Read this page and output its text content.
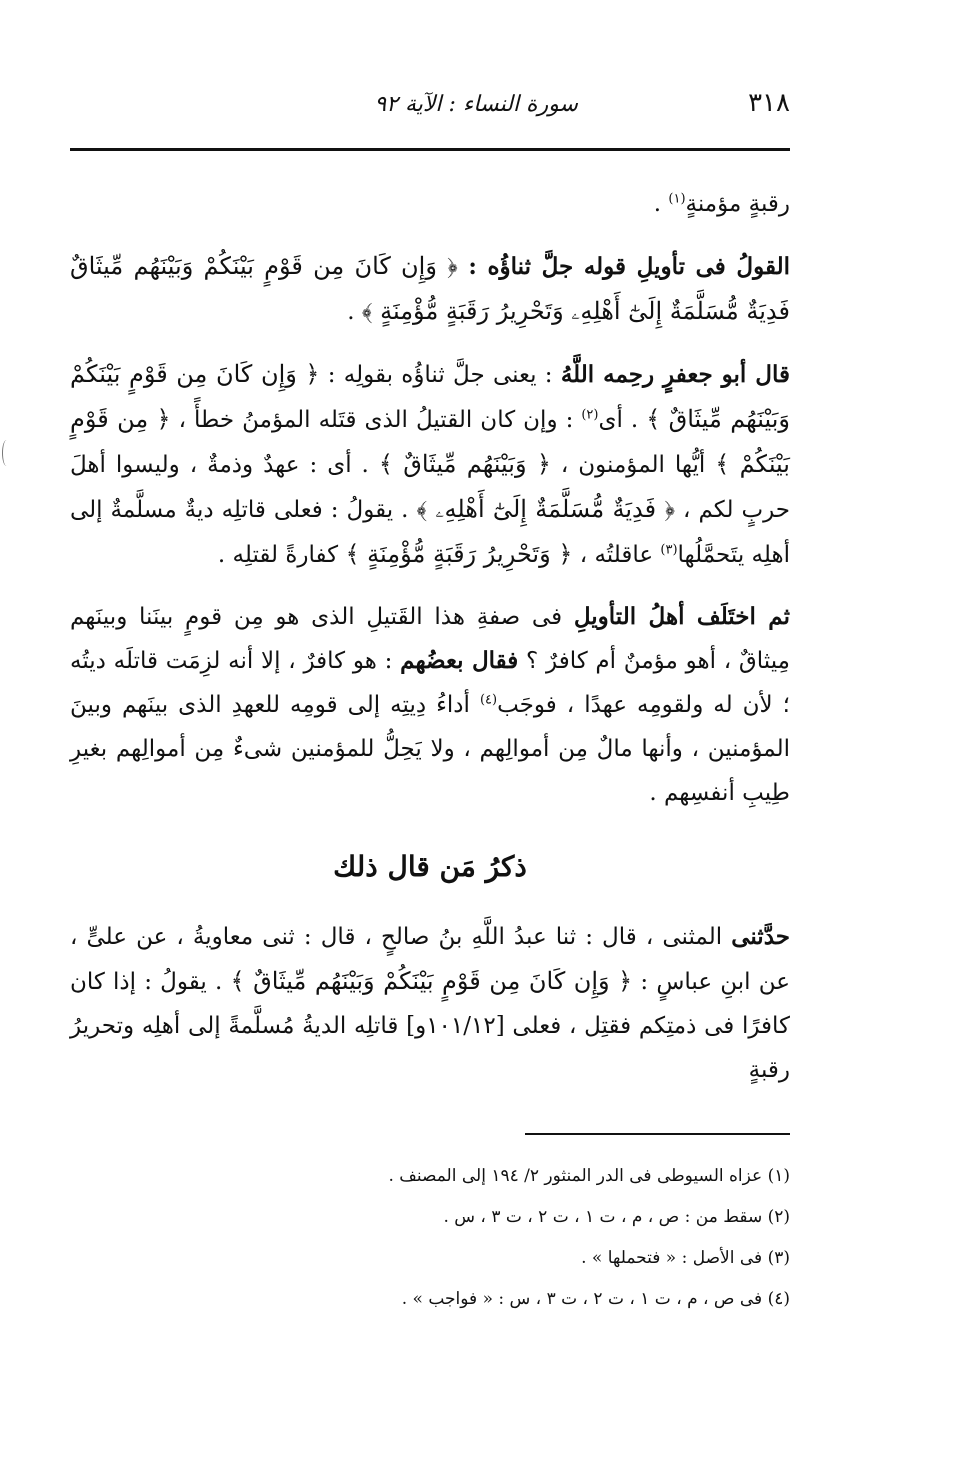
٣١٨
سورة النساء : الآية ٩٢

رقبةٍ مؤمنةٍ$^{(١)}$ .

القولُ فى تأويلِ قوله جلَّ ثناؤُه : ﴿ وَإِن كَانَ مِن قَوْمٍ بَيْنَكُمْ وَبَيْنَهُم مِّيثَاقٌ فَدِيَةٌ مُّسَلَّمَةٌ إِلَىٰٓ أَهْلِهِۦ وَتَحْرِيرُ رَقَبَةٍ مُّؤْمِنَةٍ ﴾ .

قال أبو جعفرٍ رحِمه اللَّهُ : يعنى جلَّ ثناؤُه بقولِه : ﴿ وَإِن كَانَ مِن قَوْمٍ بَيْنَكُمْ وَبَيْنَهُم مِّيثَاقٌ ﴾ . أى$^{(٢)}$ : وإن كان القتيلُ الذى قتَله المؤمنُ خطأً ، ﴿ مِن قَوْمٍ بَيْنَكُمْ ﴾ أيُّها المؤمنون ، ﴿ وَبَيْنَهُم مِّيثَاقٌ ﴾ . أى : عهدٌ وذمةٌ ، وليسوا أهلَ حربٍ لكم ، ﴿ فَدِيَةٌ مُّسَلَّمَةٌ إِلَىٰٓ أَهْلِهِۦ ﴾ . يقولُ : فعلى قاتلِه ديةٌ مسلَّمةٌ إلى أهلِه يتَحمَّلُها$^{(٣)}$ عاقلتُه ، ﴿ وَتَحْرِيرُ رَقَبَةٍ مُّؤْمِنَةٍ ﴾ كفارةً لقتلِه .

ثم اختَلَف أهلُ التأويلِ فى صفةِ هذا القَتيلِ الذى هو مِن قومٍ بينَنا وبينَهم مِيثاقٌ ، أهو مؤمنٌ أم كافرٌ ؟ فقال بعضُهم : هو كافرٌ ، إلا أنه لزِمَت قاتلَه ديتُه ؛ لأن له ولقومِه عهدًا ، فوجَب$^{(٤)}$ أداءُ دِيتِه إلى قومِه للعهدِ الذى بينَهم وبينَ المؤمنين ، وأنها مالٌ مِن أموالِهم ، ولا يَحِلُّ للمؤمنين شىءٌ مِن أموالِهم بغيرِ طِيبِ أنفسِهم .

ذكرُ مَن قال ذلك

حدَّثنى المثنى ، قال : ثنا عبدُ اللَّهِ بنُ صالحٍ ، قال : ثنى معاويةُ ، عن علىٍّ ، عن ابنِ عباسٍ : ﴿ وَإِن كَانَ مِن قَوْمٍ بَيْنَكُمْ وَبَيْنَهُم مِّيثَاقٌ ﴾ . يقولُ : إذا كان كافرًا فى ذمتِكم فقتِل ، فعلى [١٠١/١٢و] قاتلِه الديةُ مُسلَّمةً إلى أهلِه وتحريرُ رقبةٍ

(١) عزاه السيوطى فى الدر المنثور ٢/ ١٩٤ إلى المصنف .

(٢) سقط من : ص ، م ، ت ١ ، ت ٢ ، ت ٣ ، س .

(٣) فى الأصل : « فتحملها » .

(٤) فى ص ، م ، ت ١ ، ت ٢ ، ت ٣ ، س : « فواجب » .
